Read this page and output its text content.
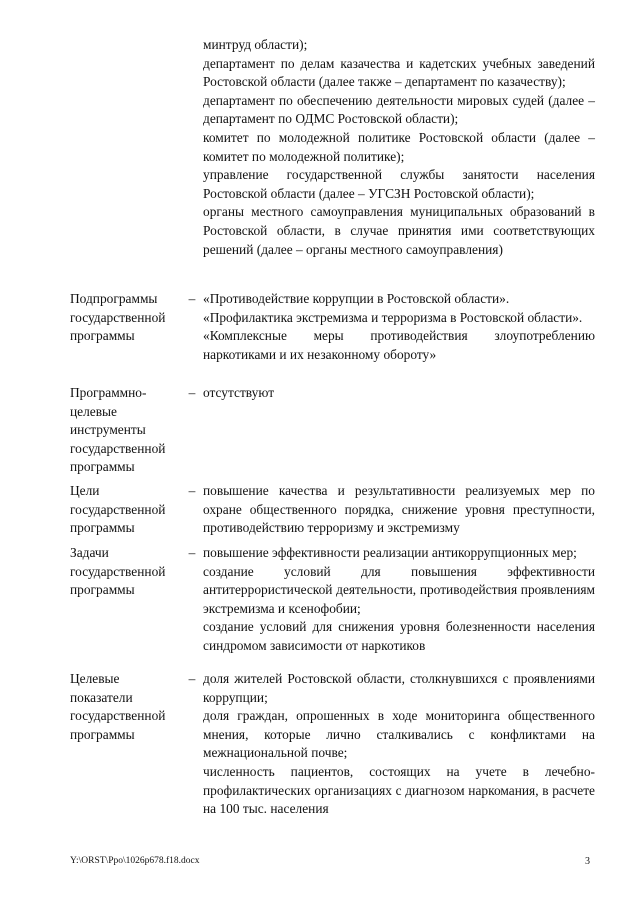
минтруд области);
департамент по делам казачества и кадетских учебных заведений Ростовской области (далее также – департамент по казачеству);
департамент по обеспечению деятельности мировых судей (далее – департамент по ОДМС Ростовской области);
комитет по молодежной политике Ростовской области (далее – комитет по молодежной политике);
управление государственной службы занятости населения Ростовской области (далее – УГСЗН Ростовской области);
органы местного самоуправления муниципальных образований в Ростовской области, в случае принятия ими соответствующих решений (далее – органы местного самоуправления)
Подпрограммы государственной программы
– «Противодействие коррупции в Ростовской области».
«Профилактика экстремизма и терроризма в Ростовской области».
«Комплексные меры противодействия злоупотреблению наркотиками и их незаконному обороту»
Программно-целевые инструменты государственной программы
– отсутствуют
Цели государственной программы
– повышение качества и результативности реализуемых мер по охране общественного порядка, снижение уровня преступности, противодействию терроризму и экстремизму
Задачи государственной программы
– повышение эффективности реализации антикоррупционных мер;
создание условий для повышения эффективности антитеррористической деятельности, противодействия проявлениям экстремизма и ксенофобии;
создание условий для снижения уровня болезненности населения синдромом зависимости от наркотиков
Целевые показатели государственной программы
– доля жителей Ростовской области, столкнувшихся с проявлениями коррупции;
доля граждан, опрошенных в ходе мониторинга общественного мнения, которые лично сталкивались с конфликтами на межнациональной почве;
численность пациентов, состоящих на учете в лечебно-профилактических организациях с диагнозом наркомания, в расчете на 100 тыс. населения
Y:\ORST\Ppo\1026p678.f18.docx	3
